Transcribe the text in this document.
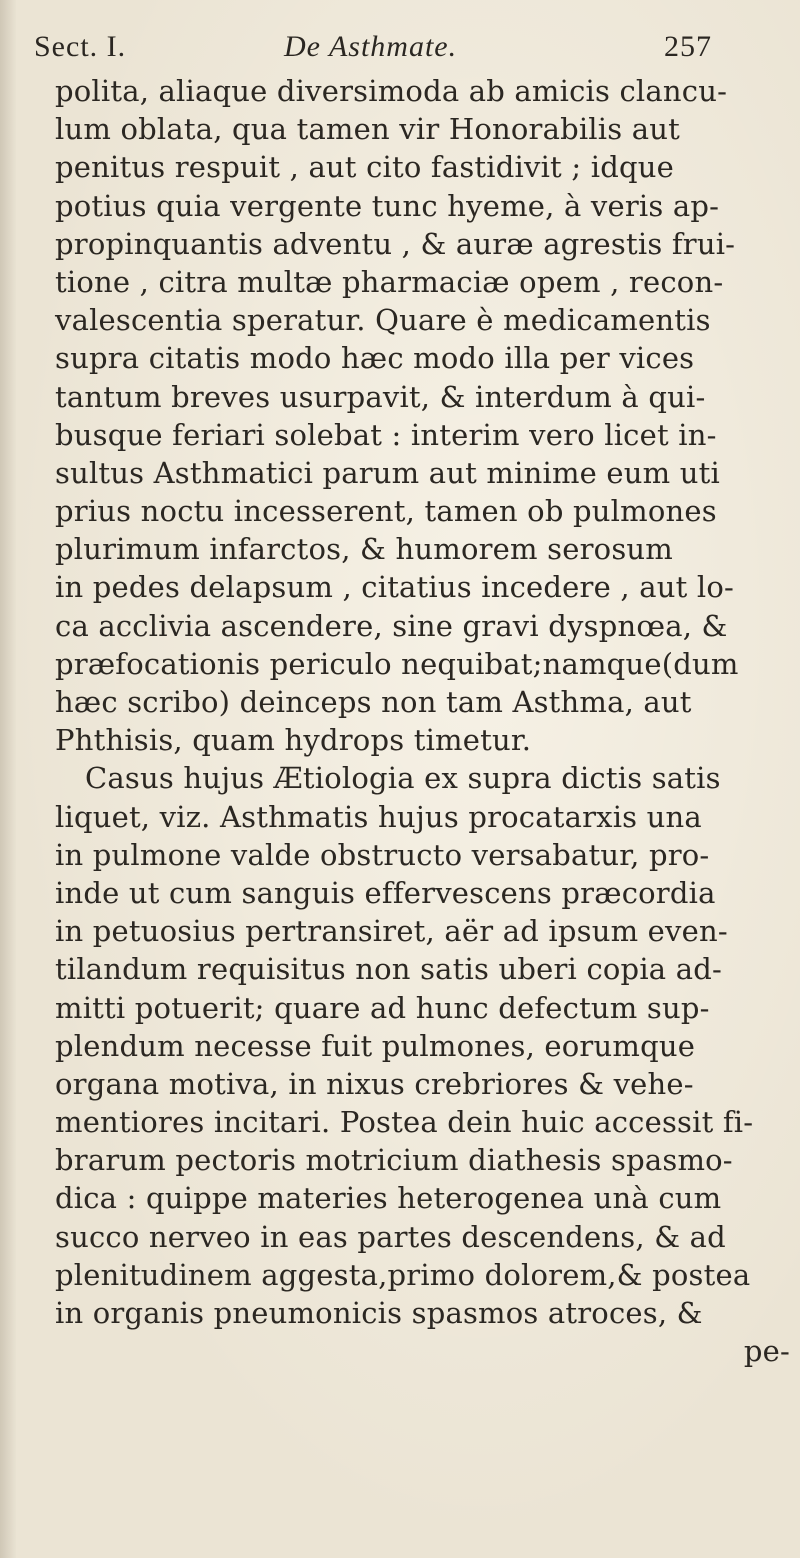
Sect. I.	De Asthmate.	257
polita, aliaque diversimoda ab amicis clancu-
lum oblata, qua tamen vir Honorabilis aut
penitus respuit , aut cito fastidivit ; idque
potius quia vergente tunc hyeme, à veris ap-
propinquantis adventu , & auræ agrestis frui-
tione , citra multæ pharmaciæ opem , recon-
valescentia speratur. Quare è medicamentis
supra citatis modo hæc modo illa per vices
tantum breves usurpavit, & interdum à qui-
busque feriari solebat : interim vero licet in-
sultus Asthmatici parum aut minime eum uti
prius noctu incesserent, tamen ob pulmones
plurimum infarctos, & humorem serosum
in pedes delapsum , citatius incedere , aut lo-
ca acclivia ascendere, sine gravi dyspnœa, &
præfocationis periculo nequibat;namque(dum
hæc scribo) deinceps non tam Asthma, aut
Phthisis, quam hydrops timetur.
Casus hujus Ætiologia ex supra dictis satis
liquet, viz. Asthmatis hujus procatarxis una
in pulmone valde obstructo versabatur, pro-
inde ut cum sanguis effervescens præcordia
in petuosius pertransiret, aër ad ipsum even-
tilandum requisitus non satis uberi copia ad-
mitti potuerit; quare ad hunc defectum sup-
plendum necesse fuit pulmones, eorumque
organa motiva, in nixus crebriores & vehe-
mentiores incitari. Postea dein huic accessit fi-
brarum pectoris motricium diathesis spasmo-
dica : quippe materies heterogenea unà cum
succo nerveo in eas partes descendens, & ad
plenitudinem aggesta,primo dolorem,& postea
in organis pneumonicis spasmos atroces, &
pe-
